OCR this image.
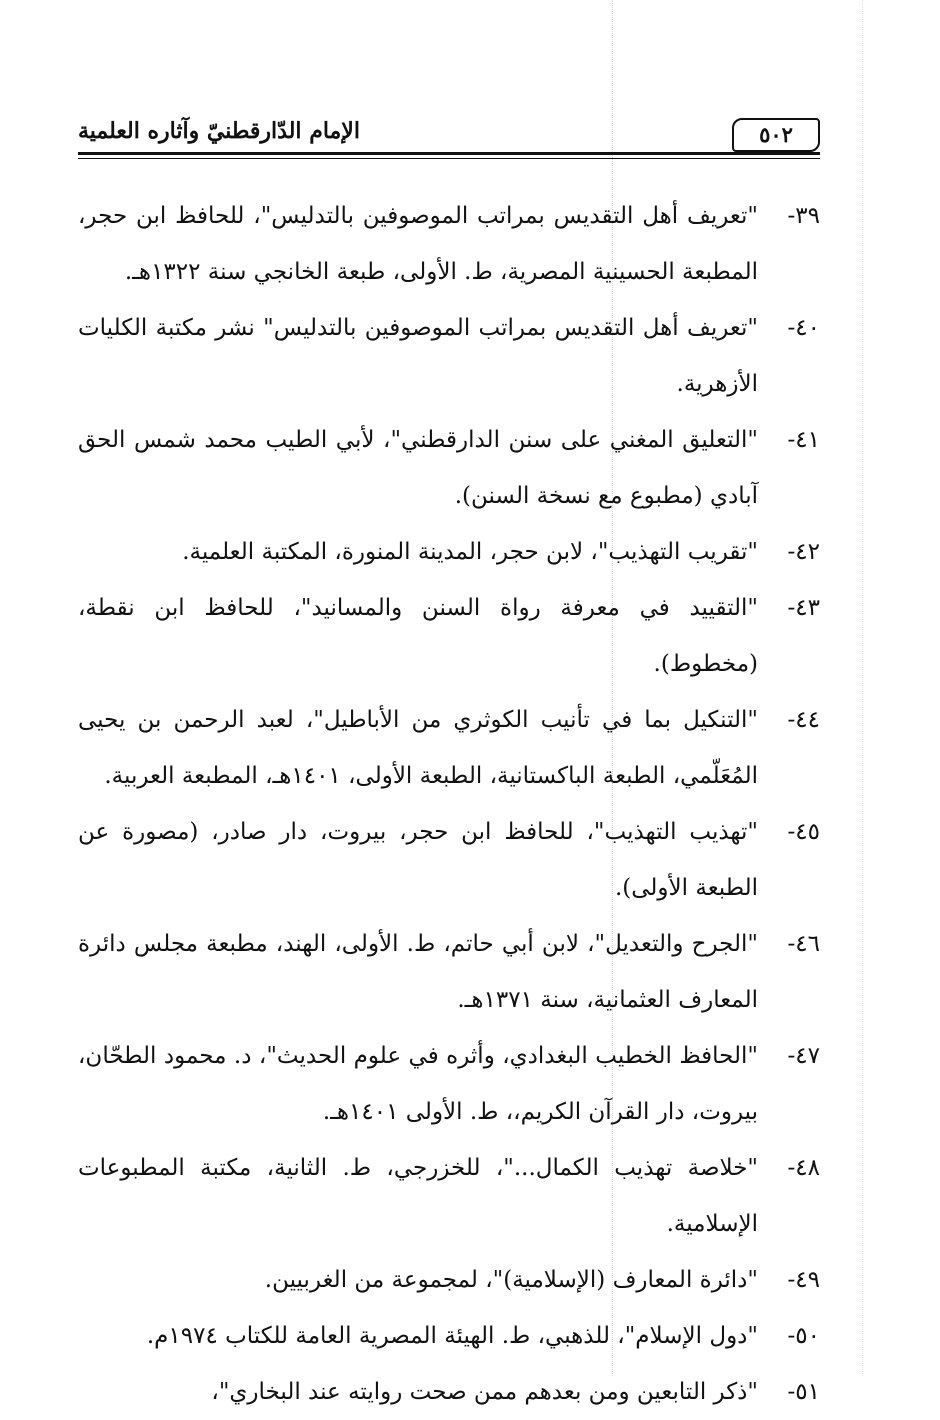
٥٠٢
الإمام الدّارقطنيّ وآثاره العلمية
٣٩-
"تعريف أهل التقديس بمراتب الموصوفين بالتدليس"، للحافظ ابن حجر، المطبعة الحسينية المصرية، ط. الأولى، طبعة الخانجي سنة ١٣٢٢هـ.
٤٠-
"تعريف أهل التقديس بمراتب الموصوفين بالتدليس" نشر مكتبة الكليات الأزهرية.
٤١-
"التعليق المغني على سنن الدارقطني"، لأبي الطيب محمد شمس الحق آبادي (مطبوع مع نسخة السنن).
٤٢-
"تقريب التهذيب"، لابن حجر، المدينة المنورة، المكتبة العلمية.
٤٣-
"التقييد في معرفة رواة السنن والمسانيد"، للحافظ ابن نقطة، (مخطوط).
٤٤-
"التنكيل بما في تأنيب الكوثري من الأباطيل"، لعبد الرحمن بن يحيى المُعَلّمي، الطبعة الباكستانية، الطبعة الأولى، ١٤٠١هـ، المطبعة العربية.
٤٥-
"تهذيب التهذيب"، للحافظ ابن حجر، بيروت، دار صادر، (مصورة عن الطبعة الأولى).
٤٦-
"الجرح والتعديل"، لابن أبي حاتم، ط. الأولى، الهند، مطبعة مجلس دائرة المعارف العثمانية، سنة ١٣٧١هـ.
٤٧-
"الحافظ الخطيب البغدادي، وأثره في علوم الحديث"، د. محمود الطحّان، بيروت، دار القرآن الكريم،، ط. الأولى ١٤٠١هـ.
٤٨-
"خلاصة تهذيب الكمال..."، للخزرجي، ط. الثانية، مكتبة المطبوعات الإسلامية.
٤٩-
"دائرة المعارف (الإسلامية)"، لمجموعة من الغربيين.
٥٠-
"دول الإسلام"، للذهبي، ط. الهيئة المصرية العامة للكتاب ١٩٧٤م.
٥١-
"ذكر التابعين ومن بعدهم ممن صحت روايته عند البخاري"،
